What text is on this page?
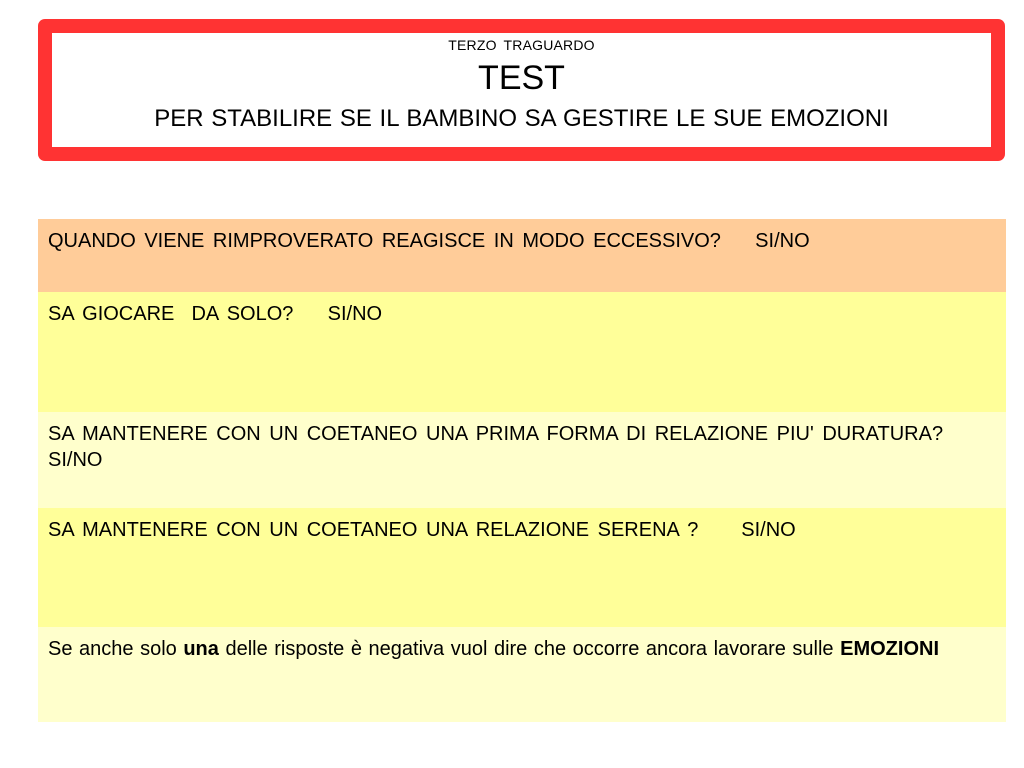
TERZO TRAGUARDO
TEST
PER STABILIRE SE IL BAMBINO SA GESTIRE LE SUE EMOZIONI
QUANDO VIENE RIMPROVERATO REAGISCE IN MODO ECCESSIVO? SI/NO
SA GIOCARE  DA SOLO? SI/NO
SA MANTENERE CON UN COETANEO UNA PRIMA FORMA DI RELAZIONE PIU' DURATURA? SI/NO
SA MANTENERE CON UN COETANEO UNA RELAZIONE SERENA ? SI/NO
Se anche solo una delle risposte è negativa vuol dire che occorre ancora lavorare sulle EMOZIONI
